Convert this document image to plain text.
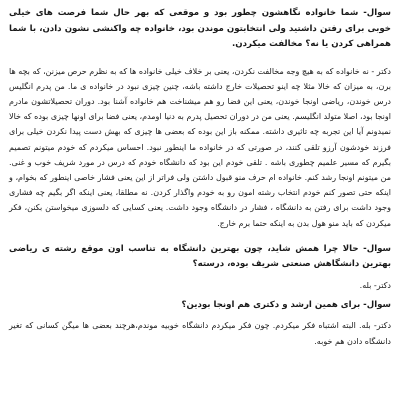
سوال- شما خانواده نگاهشون چطور بود و موقعی که بهر حال شما فرصت های خیلی خوبی برای رفتن داشتید ولی انتخابتون موندن بود، خانواده چه واکنشی نشون دادن، با شما همراهی کردن یا نه؟ مخالفت میکردن.

دکتر - نه خانواده که به هیچ وجه مخالفت نکردن، یعنی بر خلاف خیلی خانواده ها که به نظرم حرص میزنن، که بچه ها برن، به میزان که خالا مثلا چه اینو تحصیلات خارج داشته باشه، چنین چیزی نبود در خانواده ی ما. من پدرم انگلیس درس خوندن، ریاضی اونجا خوندن، یعنی این فضا رو هم میشناخت هم خانواده آشنا بود. دوران تحصیلاتشون مادرم اونجا بود، اصلا متولد انگلیسم. یعنی من در دوران تحصیل پدرم به دنیا اومدم، یعنی فضا برای اونها چیزی بوده که خالا نمیدونم آیا این تجربه چه تاثیری داشته. ممکنه باز این بوده که بعضی ها چیزی که بهش دست پیدا نکردن خیلی برای فرزند خودشون آرزو تلقی کنند، در صورتی که در خانواده ما اینطور نبود. احساس میکردم که خودم میتونم تصمیم بگیرم که مسیر علمیم چطوری باشه . تلقی خودم این بود که دانشگاه خودم که درس در مورد شریف خوب و غنی. من میتونم اونجا رشد کنم. خانواده ام حرف منو قبول داشتن ولی فراتر از این یعنی فشار خاصی اینطور که بخوام، و اینکه حتی تصور کنم خودم انتخاب رشته امون رو به خودم واگذار کردن. نه مطلقا، یعنی اینکه اگر بگیم چه فشاری وجود داشت برای رفتن به دانشگاه ، فشار در دانشگاه وجود داشت. یعنی کسایی که دلسوزی میخواستن بکنن، فکر میکردن که باید منو هول بدن به اینکه حتما برم خارج.

سوال- حالا چرا همش شاید، چون بهترین دانشگاه به تناسب اون موقع رشته ی ریاضی بهترین دانشگاهش صنعتی شریف بوده، درسته؟

دکتر- بله.

سوال- برای همین ارشد و دکتری هم اونجا بودین؟

دکتر- بله. البته اشتباه فکر میکردم. چون فکر میکردم دانشگاه خوبیه موندم،هرچند بعضی ها میگن کسانی که تغیر دانشگاه دادن هم خوبه.
